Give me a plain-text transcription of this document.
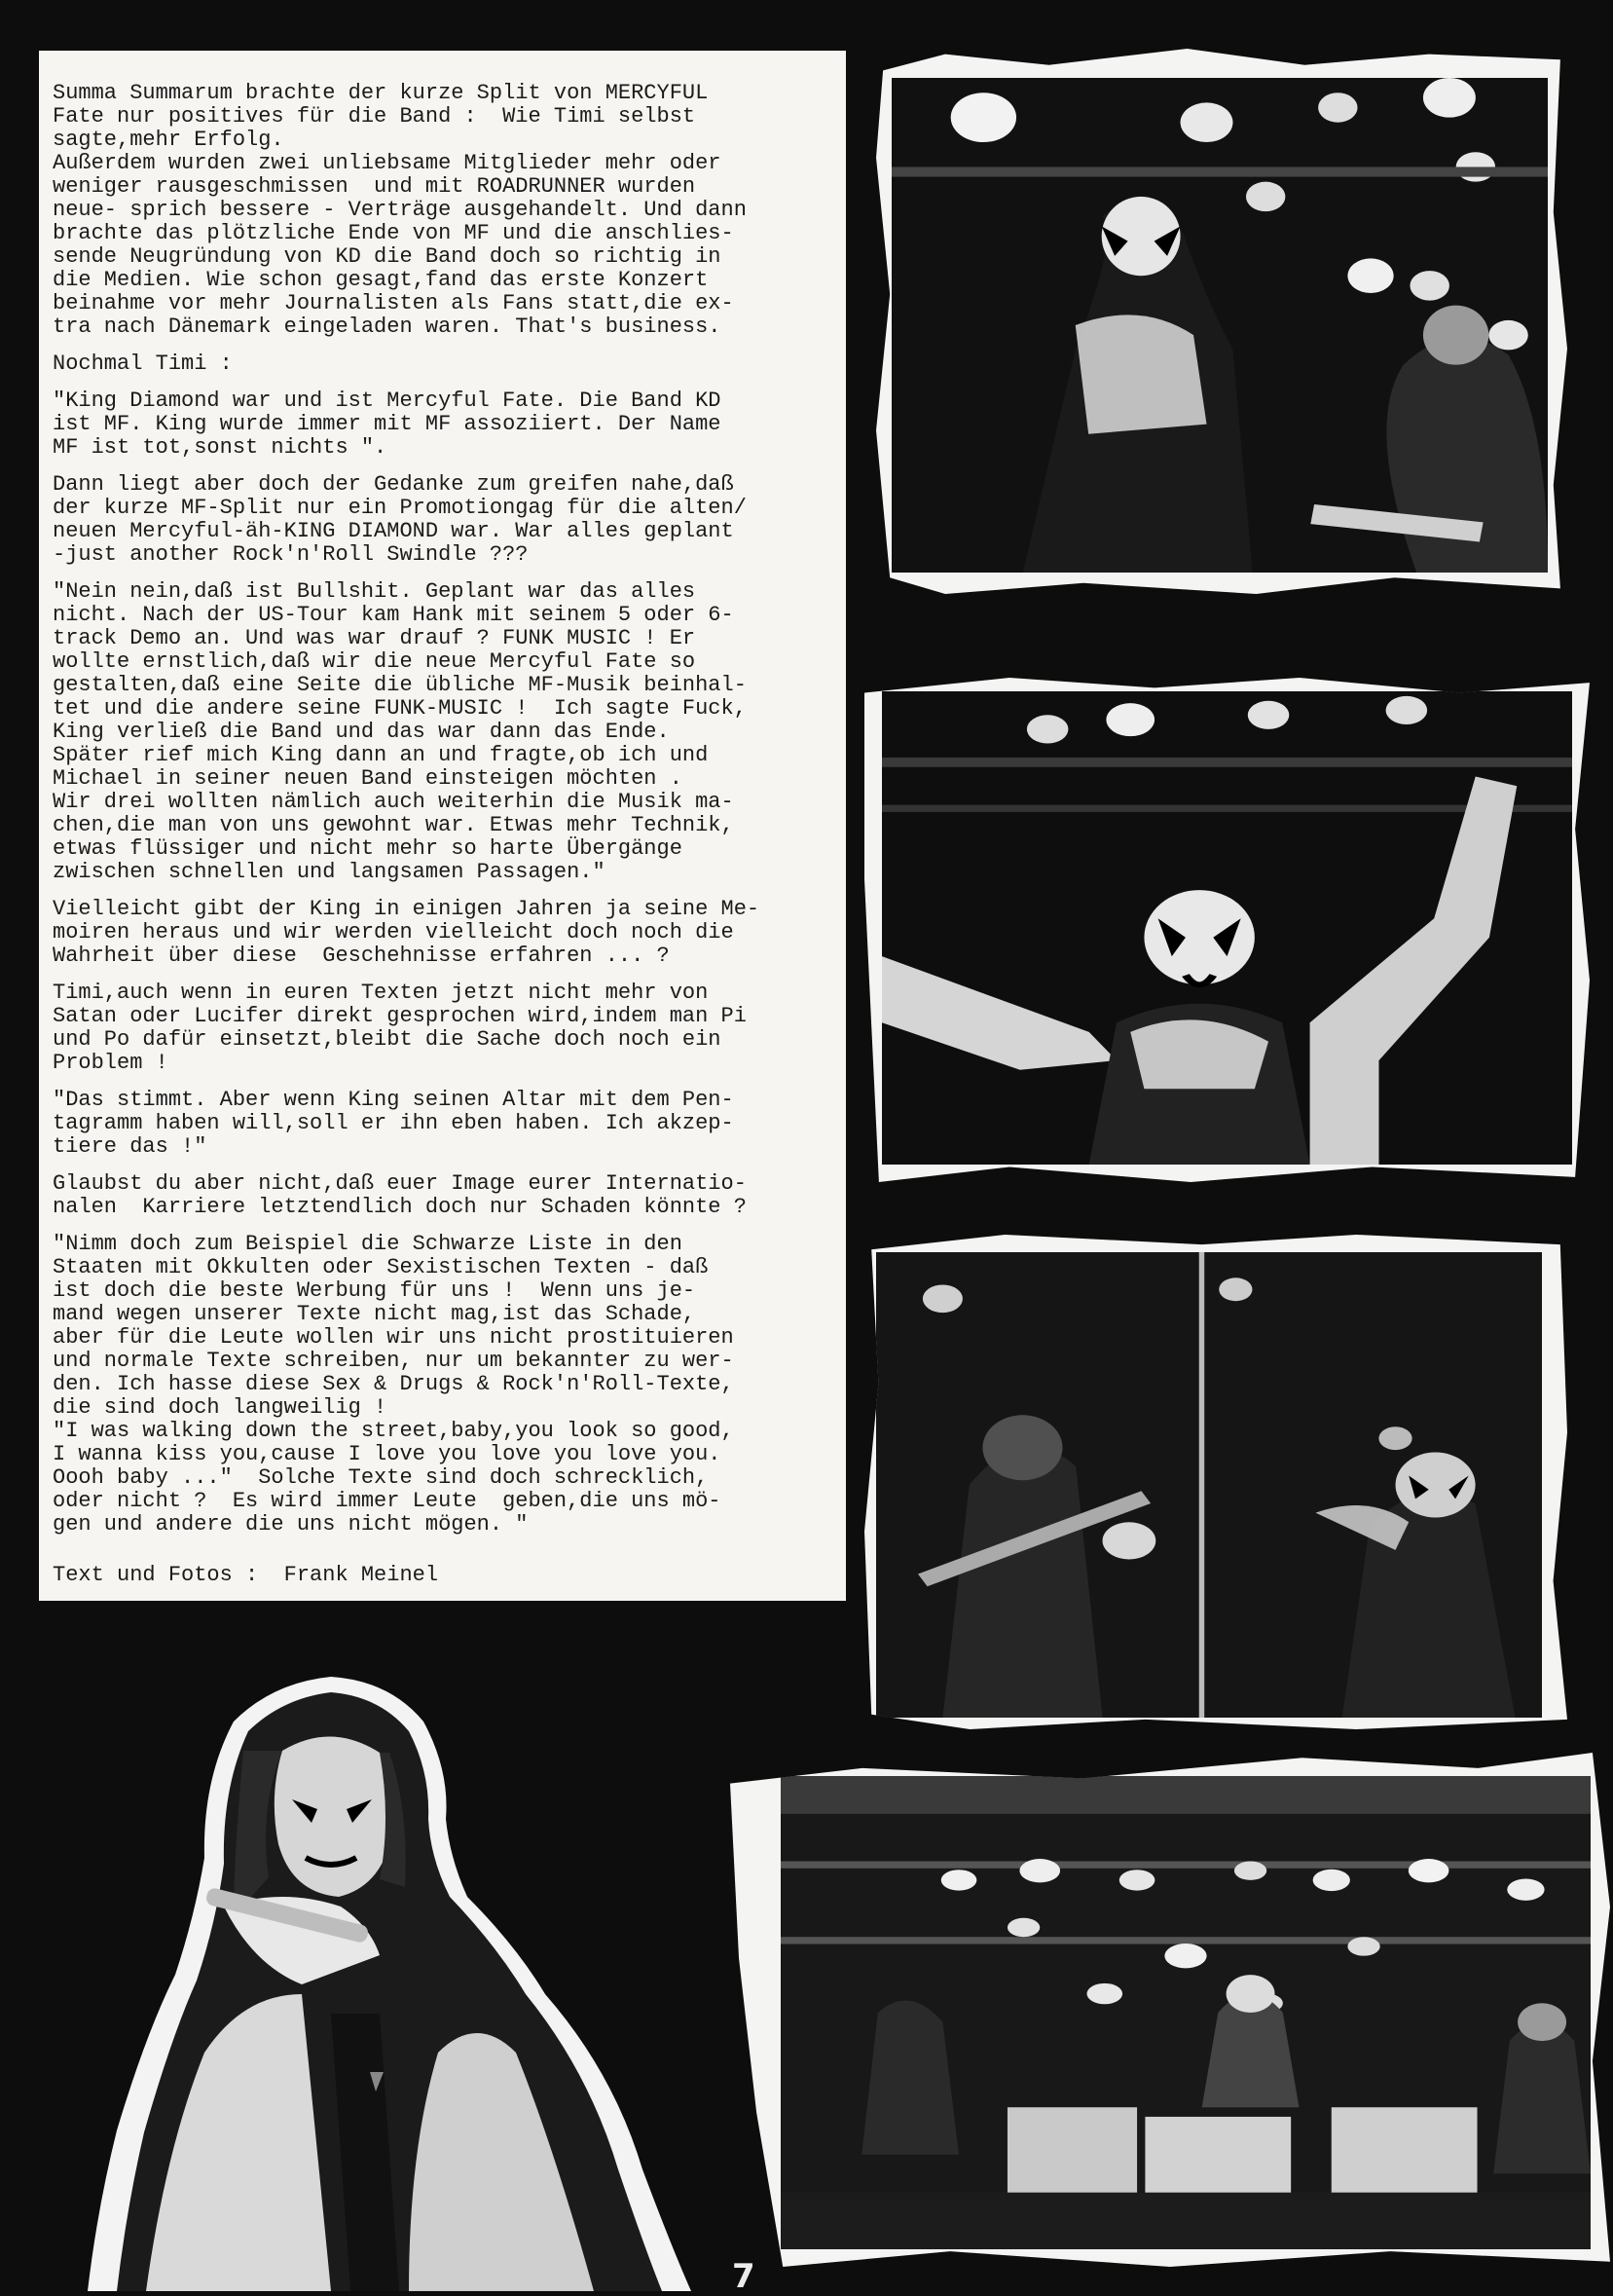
Summa Summarum brachte der kurze Split von MERCYFUL
Fate nur positives für die Band :  Wie Timi selbst
sagte,mehr Erfolg.

Außerdem wurden zwei unliebsame Mitglieder mehr oder
weniger rausgeschmissen  und mit ROADRUNNER wurden
neue- sprich bessere - Verträge ausgehandelt. Und dann
brachte das plötzliche Ende von MF und die anschlies-
sende Neugründung von KD die Band doch so richtig in
die Medien. Wie schon gesagt,fand das erste Konzert
beinahme vor mehr Journalisten als Fans statt,die ex-
tra nach Dänemark eingeladen waren. That's business.

Nochmal Timi :

"King Diamond war und ist Mercyful Fate. Die Band KD
ist MF. King wurde immer mit MF assoziiert. Der Name
MF ist tot,sonst nichts ".

Dann liegt aber doch der Gedanke zum greifen nahe,daß
der kurze MF-Split nur ein Promotiongag für die alten/
neuen Mercyful-äh-KING DIAMOND war. War alles geplant
-just another Rock'n'Roll Swindle ???

"Nein nein,daß ist Bullshit. Geplant war das alles
nicht. Nach der US-Tour kam Hank mit seinem 5 oder 6-
track Demo an. Und was war drauf ? FUNK MUSIC ! Er
wollte ernstlich,daß wir die neue Mercyful Fate so
gestalten,daß eine Seite die übliche MF-Musik beinhal-
tet und die andere seine FUNK-MUSIC !  Ich sagte Fuck,
King verließ die Band und das war dann das Ende.
Später rief mich King dann an und fragte,ob ich und
Michael in seiner neuen Band einsteigen möchten .
Wir drei wollten nämlich auch weiterhin die Musik ma-
chen,die man von uns gewohnt war. Etwas mehr Technik,
etwas flüssiger und nicht mehr so harte Übergänge
zwischen schnellen und langsamen Passagen."

Vielleicht gibt der King in einigen Jahren ja seine Me-
moiren heraus und wir werden vielleicht doch noch die
Wahrheit über diese  Geschehnisse erfahren ... ?

Timi,auch wenn in euren Texten jetzt nicht mehr von
Satan oder Lucifer direkt gesprochen wird,indem man Pi
und Po dafür einsetzt,bleibt die Sache doch noch ein
Problem !

"Das stimmt. Aber wenn King seinen Altar mit dem Pen-
tagramm haben will,soll er ihn eben haben. Ich akzep-
tiere das !"

Glaubst du aber nicht,daß euer Image eurer Internatio-
nalen  Karriere letztendlich doch nur Schaden könnte ?

"Nimm doch zum Beispiel die Schwarze Liste in den
Staaten mit Okkulten oder Sexistischen Texten - daß
ist doch die beste Werbung für uns !  Wenn uns je-
mand wegen unserer Texte nicht mag,ist das Schade,
aber für die Leute wollen wir uns nicht prostituieren
und normale Texte schreiben, nur um bekannter zu wer-
den. Ich hasse diese Sex & Drugs & Rock'n'Roll-Texte,
die sind doch langweilig !

"I was walking down the street,baby,you look so good,
I wanna kiss you,cause I love you love you love you.
Oooh baby ..."  Solche Texte sind doch schrecklich,
oder nicht ?  Es wird immer Leute  geben,die uns mö-
gen und andere die uns nicht mögen. "

Text und Fotos :  Frank Meinel
7
